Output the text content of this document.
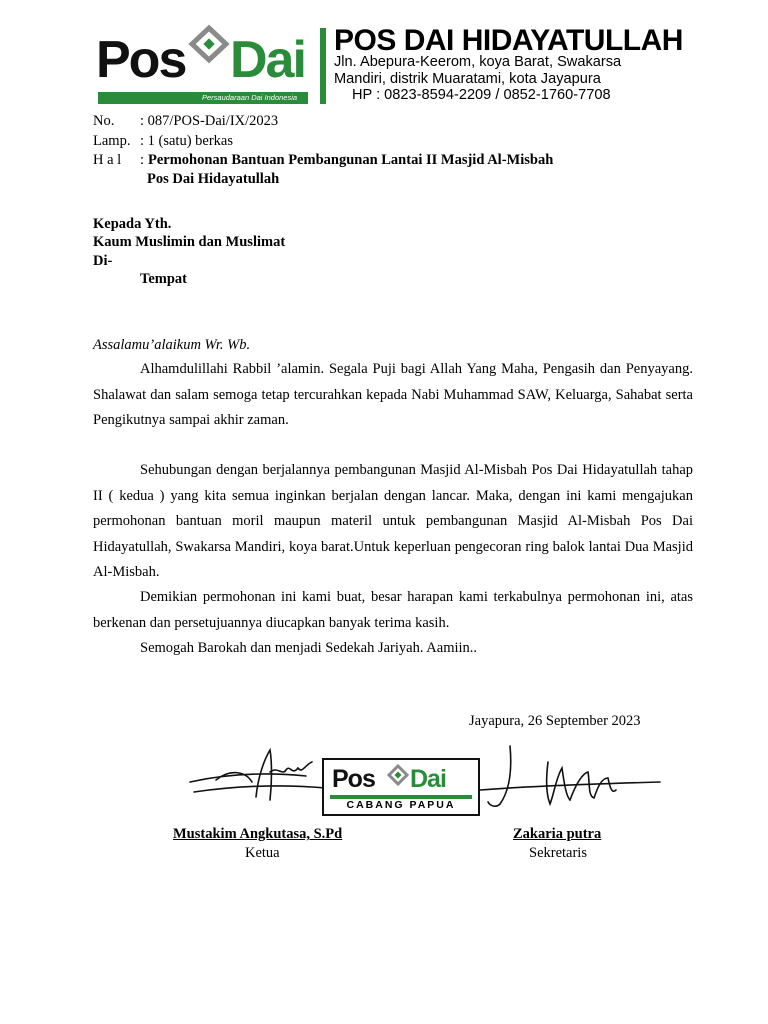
Pos Dai
Persaudaraan Dai Indonesia
POS DAI HIDAYATULLAH
Jln. Abepura-Keerom, koya Barat, Swakarsa
Mandiri, distrik Muaratami, kota Jayapura
HP : 0823-8594-2209 / 0852-1760-7708
No. : 087/POS-Dai/IX/2023
Lamp. : 1 (satu) berkas
H a l : Permohonan Bantuan Pembangunan Lantai II Masjid Al-Misbah
Pos Dai Hidayatullah
Kepada Yth.
Kaum Muslimin dan Muslimat
Di-
Tempat
Assalamu’alaikum Wr. Wb.
Alhamdulillahi Rabbil ’alamin. Segala Puji bagi Allah Yang Maha, Pengasih dan Penyayang. Shalawat dan salam semoga tetap tercurahkan kepada Nabi Muhammad SAW, Keluarga, Sahabat serta Pengikutnya sampai akhir zaman.
Sehubungan dengan berjalannya pembangunan Masjid Al-Misbah Pos Dai Hidayatullah tahap II ( kedua ) yang kita semua inginkan berjalan dengan lancar. Maka, dengan ini kami mengajukan permohonan bantuan moril maupun materil untuk pembangunan Masjid Al-Misbah Pos Dai Hidayatullah, Swakarsa Mandiri, koya barat.Untuk keperluan pengecoran ring balok lantai Dua Masjid Al-Misbah.
Demikian permohonan ini kami buat, besar harapan kami terkabulnya permohonan ini, atas berkenan dan persetujuannya diucapkan banyak terima kasih.
Semogah Barokah dan menjadi Sedekah Jariyah. Aamiin..
Jayapura, 26 September 2023
Pos Dai
CABANG PAPUA
Mustakim Angkutasa, S.Pd
Ketua
Zakaria putra
Sekretaris
